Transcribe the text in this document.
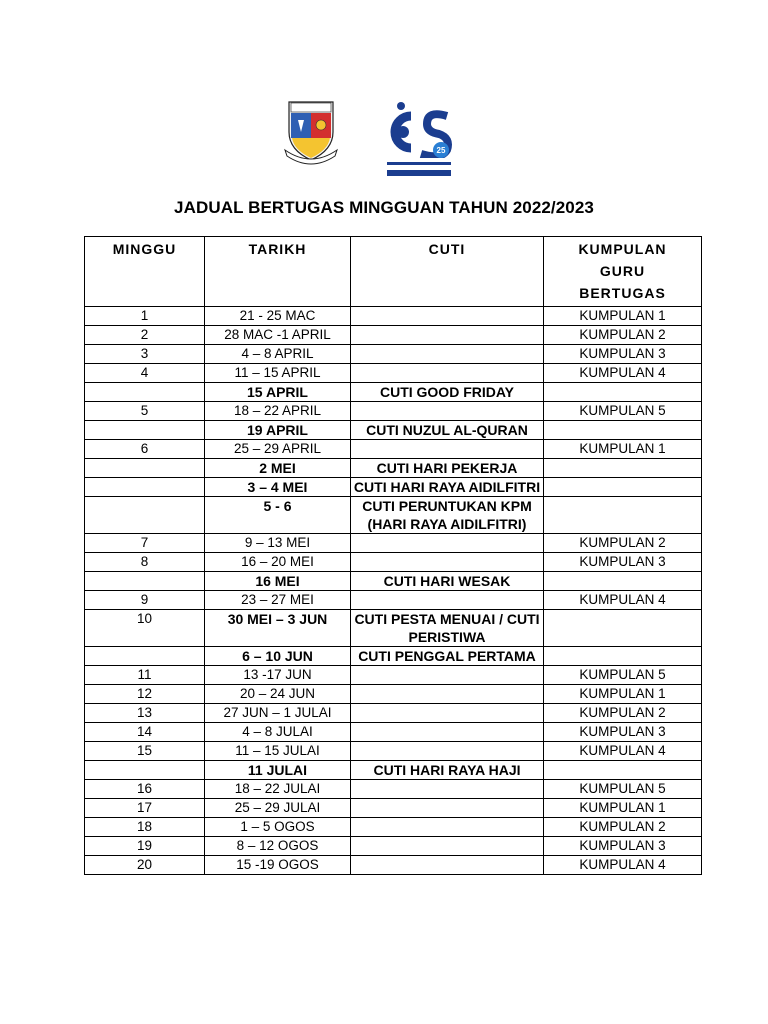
25
JADUAL BERTUGAS MINGGUAN TAHUN 2022/2023
MINGGU	TARIKH	CUTI	KUMPULAN GURU BERTUGAS
1	21 - 25 MAC		KUMPULAN 1
2	28 MAC -1 APRIL		KUMPULAN 2
3	4 – 8 APRIL		KUMPULAN 3
4	11 – 15 APRIL		KUMPULAN 4
	15 APRIL	CUTI GOOD FRIDAY	
5	18 – 22 APRIL		KUMPULAN 5
	19 APRIL	CUTI NUZUL AL-QURAN	
6	25 – 29 APRIL		KUMPULAN 1
	2 MEI	CUTI HARI PEKERJA	
	3 – 4 MEI	CUTI HARI RAYA AIDILFITRI	
	5 - 6	CUTI PERUNTUKAN KPM (HARI RAYA AIDILFITRI)	
7	9 – 13 MEI		KUMPULAN 2
8	16 – 20 MEI		KUMPULAN 3
	16 MEI	CUTI HARI WESAK	
9	23 – 27 MEI		KUMPULAN 4
10	30 MEI – 3 JUN	CUTI PESTA MENUAI / CUTI PERISTIWA	
	6 – 10 JUN	CUTI PENGGAL PERTAMA	
11	13 -17 JUN		KUMPULAN 5
12	20 – 24 JUN		KUMPULAN 1
13	27 JUN – 1 JULAI		KUMPULAN 2
14	4 – 8 JULAI		KUMPULAN 3
15	11 – 15 JULAI		KUMPULAN 4
	11 JULAI	CUTI HARI RAYA HAJI	
16	18 – 22 JULAI		KUMPULAN 5
17	25 – 29 JULAI		KUMPULAN 1
18	1 – 5 OGOS		KUMPULAN 2
19	8 – 12 OGOS		KUMPULAN 3
20	15 -19 OGOS		KUMPULAN 4
